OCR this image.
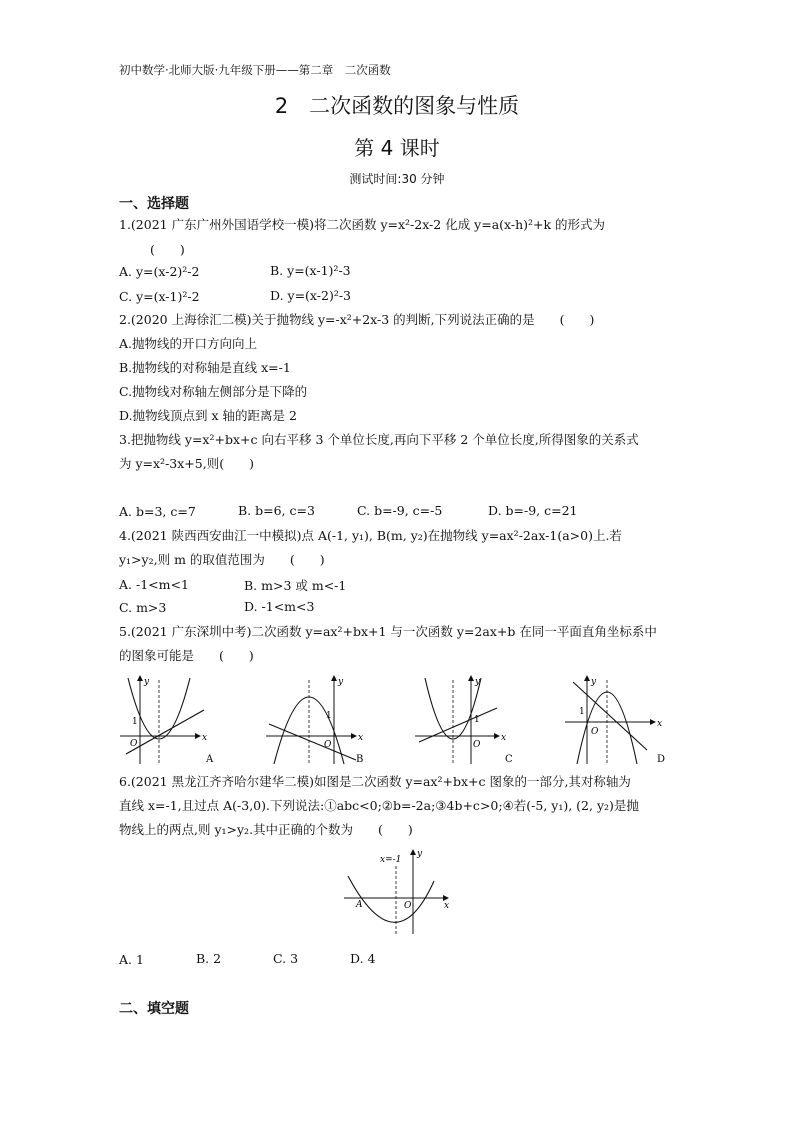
初中数学·北师大版·九年级下册——第二章　二次函数
2　二次函数的图象与性质
第 4 课时
测试时间:30 分钟
一、选择题
1.(2021 广东广州外国语学校一模)将二次函数 y=x²-2x-2 化成 y=a(x-h)²+k 的形式为
(　　)
A. y=(x-2)²-2	B. y=(x-1)²-3
C. y=(x-1)²-2	D. y=(x-2)²-3
2.(2020 上海徐汇二模)关于抛物线 y=-x²+2x-3 的判断,下列说法正确的是　　(　　)
A.抛物线的开口方向向上
B.抛物线的对称轴是直线 x=-1
C.抛物线对称轴左侧部分是下降的
D.抛物线顶点到 x 轴的距离是 2
3.把抛物线 y=x²+bx+c 向右平移 3 个单位长度,再向下平移 2 个单位长度,所得图象的关系式
为 y=x²-3x+5,则(　　)
A. b=3, c=7	B. b=6, c=3	C. b=-9, c=-5	D. b=-9, c=21
4.(2021 陕西西安曲江一中模拟)点 A(-1, y₁), B(m, y₂)在抛物线 y=ax²-2ax-1(a>0)上.若
y₁>y₂,则 m 的取值范围为　　(　　)
A. -1<m<1	B. m>3 或 m<-1
C. m>3	D. -1<m<3
5.(2021 广东深圳中考)二次函数 y=ax²+bx+1 与一次函数 y=2ax+b 在同一平面直角坐标系中
的图象可能是　　(　　)
y
x
O
1
A
y
x
O
1
B
y
x
O
1
C
y
x
O
1
D
6.(2021 黑龙江齐齐哈尔建华二模)如图是二次函数 y=ax²+bx+c 图象的一部分,其对称轴为
直线 x=-1,且过点 A(-3,0).下列说法:①abc<0;②b=-2a;③4b+c>0;④若(-5, y₁), (2, y₂)是抛
物线上的两点,则 y₁>y₂.其中正确的个数为　　(　　)
x=-1
y
x
A	O
A. 1	B. 2	C. 3	D. 4
二、填空题
